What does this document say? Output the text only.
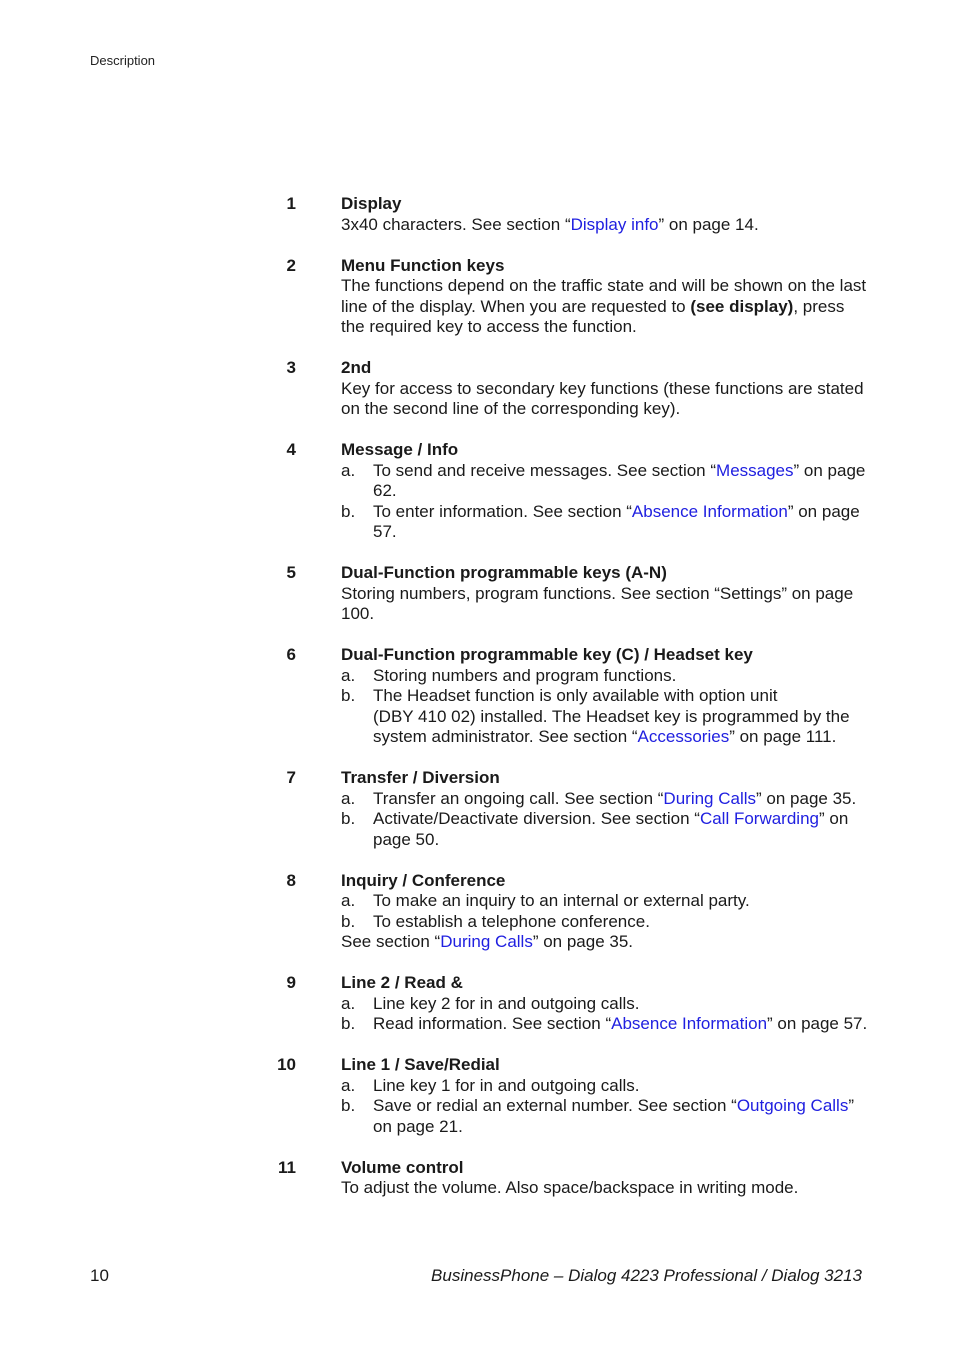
Description
1	Display
3x40 characters. See section “Display info” on page 14.
2	Menu Function keys
The functions depend on the traffic state and will be shown on the last line of the display. When you are requested to (see display), press the required key to access the function.
3	2nd
Key for access to secondary key functions (these functions are stated on the second line of the corresponding key).
4	Message / Info
a. To send and receive messages. See section “Messages” on page 62.
b. To enter information. See section “Absence Information” on page 57.
5	Dual-Function programmable keys (A-N)
Storing numbers, program functions. See section “Settings” on page 100.
6	Dual-Function programmable key (C) / Headset key
a. Storing numbers and program functions.
b. The Headset function is only available with option unit
(DBY 410 02) installed. The Headset key is programmed by the system administrator. See section “Accessories” on page 111.
7	Transfer / Diversion
a. Transfer an ongoing call. See section “During Calls” on page 35.
b. Activate/Deactivate diversion. See section “Call Forwarding” on page 50.
8	Inquiry / Conference
a. To make an inquiry to an internal or external party.
b. To establish a telephone conference.
See section “During Calls” on page 35.
9	Line 2 / Read &
a. Line key 2 for in and outgoing calls.
b. Read information. See section “Absence Information” on page 57.
10	Line 1 / Save/Redial
a. Line key 1 for in and outgoing calls.
b. Save or redial an external number. See section “Outgoing Calls” on page 21.
11	Volume control
To adjust the volume. Also space/backspace in writing mode.
10	BusinessPhone – Dialog 4223 Professional / Dialog 3213
